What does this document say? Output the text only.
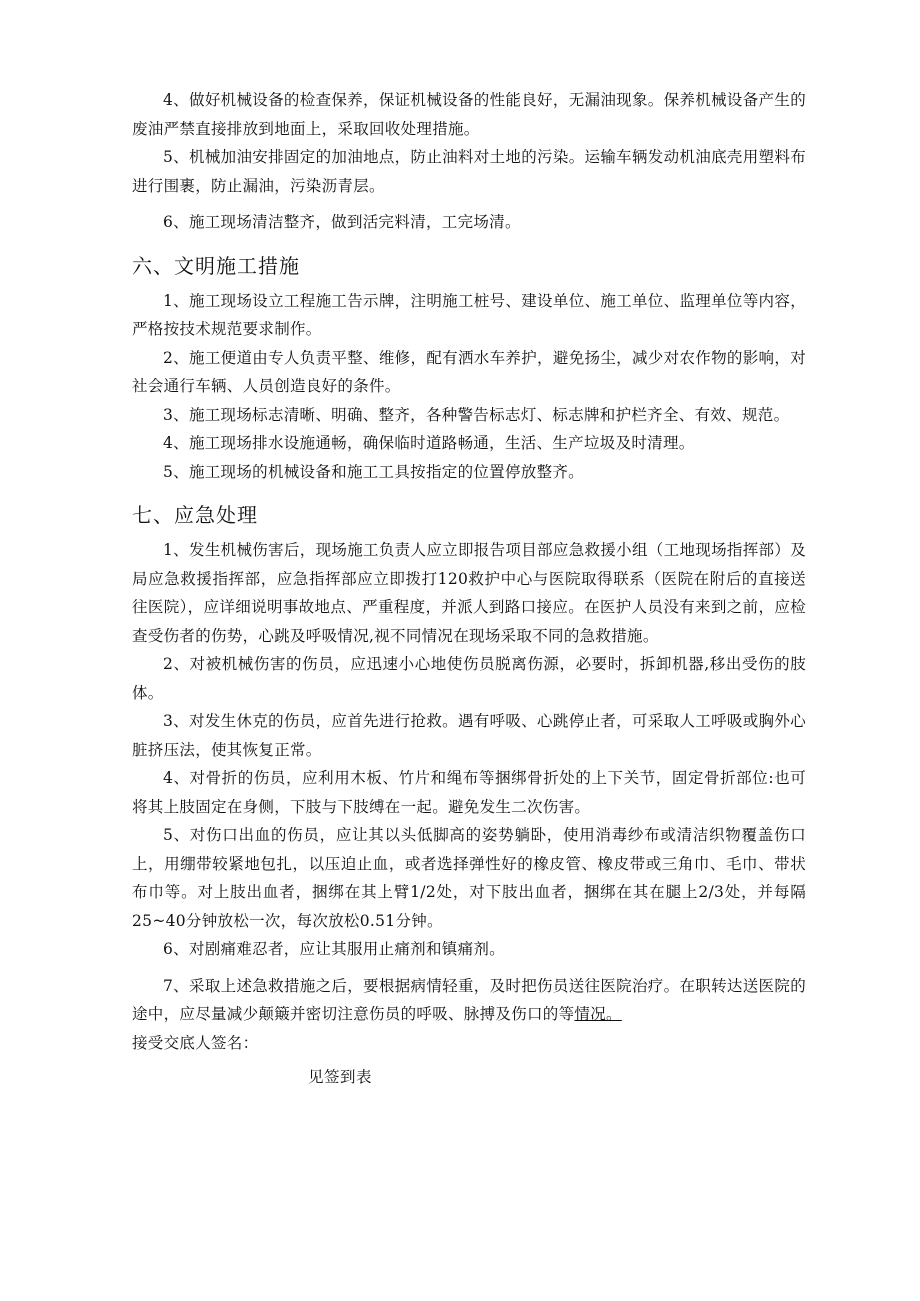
4、做好机械设备的检查保养，保证机械设备的性能良好，无漏油现象。保养机械设备产生的废油严禁直接排放到地面上，采取回收处理措施。

5、机械加油安排固定的加油地点，防止油料对土地的污染。运输车辆发动机油底壳用塑料布进行围裹，防止漏油，污染沥青层。

6、施工现场清洁整齐，做到活完料清，工完场清。

六、文明施工措施

1、施工现场设立工程施工告示牌，注明施工桩号、建设单位、施工单位、监理单位等内容，严格按技术规范要求制作。

2、施工便道由专人负责平整、维修，配有洒水车养护，避免扬尘，减少对农作物的影响，对社会通行车辆、人员创造良好的条件。

3、施工现场标志清晰、明确、整齐，各种警告标志灯、标志牌和护栏齐全、有效、规范。

4、施工现场排水设施通畅，确保临时道路畅通，生活、生产垃圾及时清理。

5、施工现场的机械设备和施工工具按指定的位置停放整齐。

七、应急处理

1、发生机械伤害后，现场施工负责人应立即报告项目部应急救援小组（工地现场指挥部）及局应急救援指挥部，应急指挥部应立即拨打120救护中心与医院取得联系（医院在附后的直接送往医院），应详细说明事故地点、严重程度，并派人到路口接应。在医护人员没有来到之前，应检查受伤者的伤势，心跳及呼吸情况,视不同情况在现场采取不同的急救措施。

2、对被机械伤害的伤员，应迅速小心地使伤员脱离伤源，必要时，拆卸机器,移出受伤的肢体。

3、对发生休克的伤员，应首先进行抢救。遇有呼吸、心跳停止者，可采取人工呼吸或胸外心脏挤压法，使其恢复正常。

4、对骨折的伤员，应利用木板、竹片和绳布等捆绑骨折处的上下关节，固定骨折部位:也可将其上肢固定在身侧，下肢与下肢缚在一起。避免发生二次伤害。

5、对伤口出血的伤员，应让其以头低脚高的姿势躺卧，使用消毒纱布或清洁织物覆盖伤口上，用绷带较紧地包扎，以压迫止血，或者选择弹性好的橡皮管、橡皮带或三角巾、毛巾、带状布巾等。对上肢出血者，捆绑在其上臂1/2处，对下肢出血者，捆绑在其在腿上2/3处，并每隔25~40分钟放松一次，每次放松0.51分钟。

6、对剧痛难忍者，应让其服用止痛剂和镇痛剂。

7、采取上述急救措施之后，要根据病情轻重，及时把伤员送往医院治疗。在职转达送医院的途中，应尽量减少颠簸并密切注意伤员的呼吸、脉搏及伤口的等情况。

接受交底人签名：

见签到表
